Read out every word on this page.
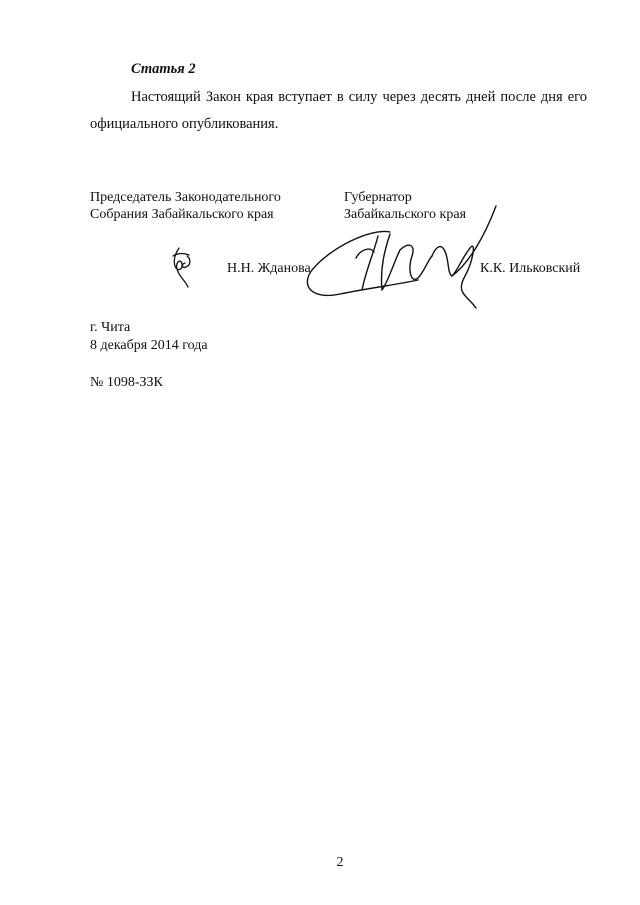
Статья 2
Настоящий Закон края вступает в силу через десять дней после дня его
официального опубликования.
Председатель Законодательного
Собрания Забайкальского края
Губернатор
Забайкальского края
Н.Н. Жданова	К.К. Ильковский
г. Чита
8 декабря 2014 года
№ 1098-ЗЗК
2
